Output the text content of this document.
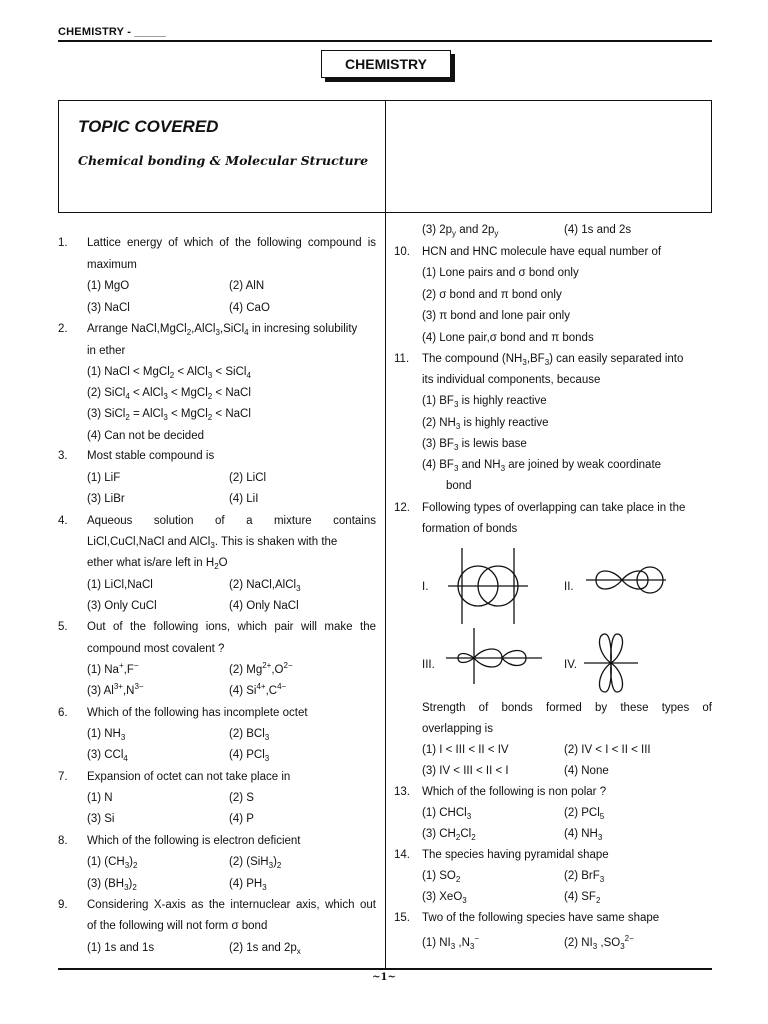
CHEMISTRY - _____
CHEMISTRY
TOPIC COVERED
Chemical bonding & Molecular Structure
1. Lattice energy of which of the following compound is
maximum
(1) MgO	(2) AlN
(3) NaCl	(4) CaO
2. Arrange NaCl,MgCl$_2$,AlCl$_3$,SiCl$_4$ in incresing solubility
in ether
(1) NaCl < MgCl$_2$ < AlCl$_3$ < SiCl$_4$
(2) SiCl$_4$ < AlCl$_3$ < MgCl$_2$ < NaCl
(3) SiCl$_2$ = AlCl$_3$ < MgCl$_2$ < NaCl
(4) Can not be decided
3. Most stable compound is
(1) LiF	(2) LiCl
(3) LiBr	(4) LiI
4. Aqueous solution of a mixture contains
LiCl,CuCl,NaCl and AlCl$_3$. This is shaken with the
ether what is/are left in $H_2O$
(1) LiCl,NaCl	(2) NaCl,AlCl$_3$
(3) Only CuCl	(4) Only NaCl
5. Out of the following ions, which pair will make the
compound most covalent ?
(1) Na+,F−	(2) $Mg^{2+},O^{2-}$
(3) $Al^{3+},N^{3-}$	(4) $Si^{4+},C^{4-}$
6. Which of the following has incomplete octet
(1) $NH_3$	(2) BCl$_3$
(3) CCl$_4$	(4) PCl$_3$
7. Expansion of octet can not take place in
(1) N	(2) S
(3) Si	(4) P
8. Which of the following is electron deficient
(1) $(CH_3)_2$	(2) $(SiH_3)_2$
(3) $(BH_3)_2$	(4) $PH_3$
9. Considering X-axis as the internuclear axis, which out
of the following will not form σ bond
(1) 1s and 1s	(2) 1s and $2p_x$
(3) $2p_y$ and $2p_y$	(4) 1s and 2s
10. HCN and HNC molecule have equal number of
(1) Lone pairs and σ bond only
(2) σ bond and π bond only
(3) π bond and lone pair only
(4) Lone pair,σ bond and π bonds
11. The compound $(NH_3,BF_3)$ can easily separated into
its individual components, because
(1) $BF_3$ is highly reactive
(2) $NH_3$ is highly reactive
(3) $BF_3$ is lewis base
(4) $BF_3$ and $NH_3$ are joined by weak coordinate
bond
12. Following types of overlapping can take place in the
formation of bonds
I.	II.
III.	IV.
Strength of bonds formed by these types of
overlapping is
(1) I < III < II < IV	(2) IV < I < II < III
(3) IV < III < II < I	(4) None
13. Which of the following is non polar ?
(1) CHCl$_3$	(2) PCl$_5$
(3) $CH_2Cl_2$	(4) $NH_3$
14. The species having pyramidal shape
(1) $SO_2$	(2) BrF$_3$
(3) XeO$_3$	(4) $SF_2$
15. Two of the following species have same shape
(1) $NI_3$ $,N_3^-$	(2) $NI_3$ $,SO_3^{2-}$
~1~
